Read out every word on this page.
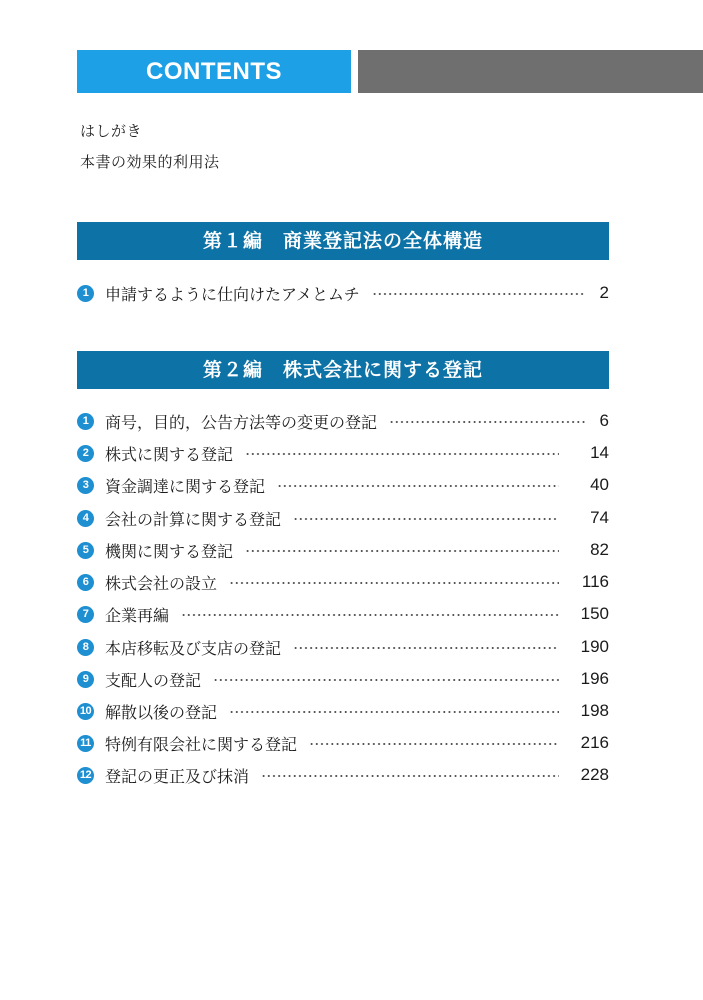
CONTENTS
はしがき
本書の効果的利用法
第１編　商業登記法の全体構造
1	申請するように仕向けたアメとムチ	2
第２編　株式会社に関する登記
1	商号，目的，公告方法等の変更の登記	6
2	株式に関する登記	14
3	資金調達に関する登記	40
4	会社の計算に関する登記	74
5	機関に関する登記	82
6	株式会社の設立	116
7	企業再編	150
8	本店移転及び支店の登記	190
9	支配人の登記	196
10 解散以後の登記	198
11 特例有限会社に関する登記	216
12 登記の更正及び抹消	228
